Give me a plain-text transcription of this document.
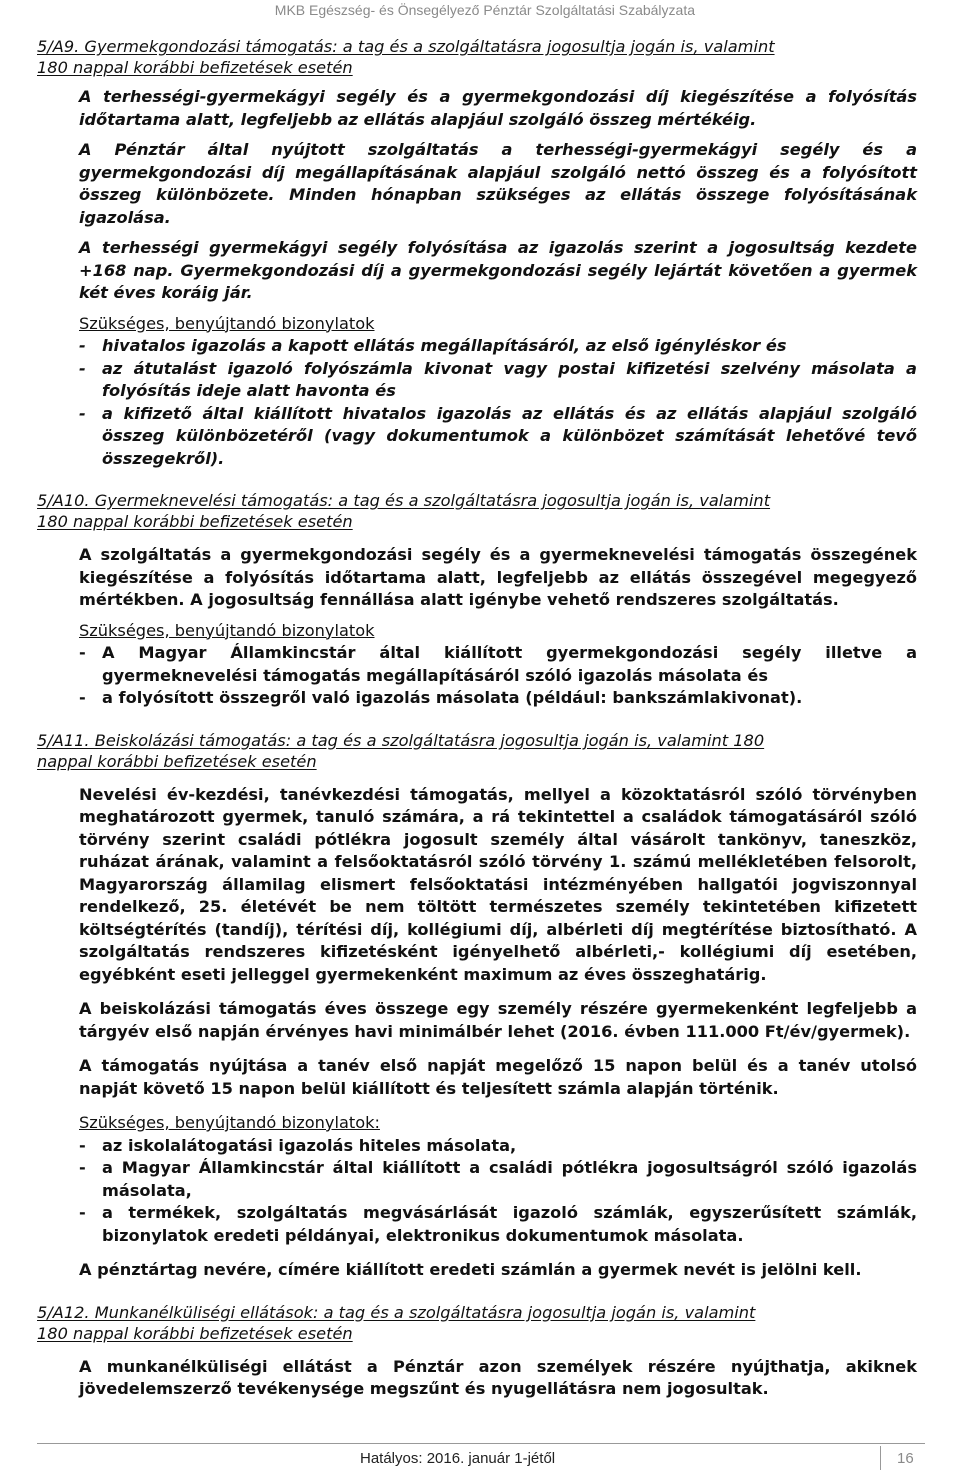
MKB Egészség- és Önsegélyező Pénztár Szolgáltatási Szabályzata
5/A9. Gyermekgondozási támogatás: a tag és a szolgáltatásra jogosultja jogán is, valamint
180 nappal korábbi befizetések esetén
A terhességi-gyermekágyi segély és a gyermekgondozási díj kiegészítése a folyósítás időtartama alatt, legfeljebb az ellátás alapjául szolgáló összeg mértékéig.
A Pénztár által nyújtott szolgáltatás a terhességi-gyermekágyi segély és a gyermekgondozási díj megállapításának alapjául szolgáló nettó összeg és a folyósított összeg különbözete. Minden hónapban szükséges az ellátás összege folyósításának igazolása.
A terhességi gyermekágyi segély folyósítása az igazolás szerint a jogosultság kezdete +168 nap. Gyermekgondozási díj a gyermekgondozási segély lejártát követően a gyermek két éves koráig jár.
Szükséges, benyújtandó bizonylatok
- hivatalos igazolás a kapott ellátás megállapításáról, az első igényléskor és
- az átutalást igazoló folyószámla kivonat vagy postai kifizetési szelvény másolata a folyósítás ideje alatt havonta és
- a kifizető által kiállított hivatalos igazolás az ellátás és az ellátás alapjául szolgáló összeg különbözetéről (vagy dokumentumok a különbözet számítását lehetővé tevő összegekről).
5/A10. Gyermeknevelési támogatás: a tag és a szolgáltatásra jogosultja jogán is, valamint
180 nappal korábbi befizetések esetén
A szolgáltatás a gyermekgondozási segély és a gyermeknevelési támogatás összegének kiegészítése a folyósítás időtartama alatt, legfeljebb az ellátás összegével megegyező mértékben. A jogosultság fennállása alatt igénybe vehető rendszeres szolgáltatás.
Szükséges, benyújtandó bizonylatok
- A Magyar Államkincstár által kiállított gyermekgondozási segély illetve a gyermeknevelési támogatás megállapításáról szóló igazolás másolata és
- a folyósított összegről való igazolás másolata (például: bankszámlakivonat).
5/A11. Beiskolázási támogatás: a tag és a szolgáltatásra jogosultja jogán is, valamint 180
nappal korábbi befizetések esetén
Nevelési év-kezdési, tanévkezdési támogatás, mellyel a közoktatásról szóló törvényben meghatározott gyermek, tanuló számára, a rá tekintettel a családok támogatásáról szóló törvény szerint családi pótlékra jogosult személy által vásárolt tankönyv, taneszköz, ruházat árának, valamint a felsőoktatásról szóló törvény 1. számú mellékletében felsorolt, Magyarország államilag elismert felsőoktatási intézményében hallgatói jogviszonnyal rendelkező, 25. életévét be nem töltött természetes személy tekintetében kifizetett költségtérítés (tandíj), térítési díj, kollégiumi díj, albérleti díj megtérítése biztosítható. A szolgáltatás rendszeres kifizetésként igényelhető albérleti,- kollégiumi díj esetében, egyébként eseti jelleggel gyermekenként maximum az éves összeghatárig.
A beiskolázási támogatás éves összege egy személy részére gyermekenként legfeljebb a tárgyév első napján érvényes havi minimálbér lehet (2016. évben 111.000 Ft/év/gyermek).
A támogatás nyújtása a tanév első napját megelőző 15 napon belül és a tanév utolsó napját követő 15 napon belül kiállított és teljesített számla alapján történik.
Szükséges, benyújtandó bizonylatok:
- az iskolalátogatási igazolás hiteles másolata,
- a Magyar Államkincstár által kiállított a családi pótlékra jogosultságról szóló igazolás másolata,
- a termékek, szolgáltatás megvásárlását igazoló számlák, egyszerűsített számlák, bizonylatok eredeti példányai, elektronikus dokumentumok másolata.
A pénztártag nevére, címére kiállított eredeti számlán a gyermek nevét is jelölni kell.
5/A12. Munkanélküliségi ellátások: a tag és a szolgáltatásra jogosultja jogán is, valamint
180 nappal korábbi befizetések esetén
A munkanélküliségi ellátást a Pénztár azon személyek részére nyújthatja, akiknek jövedelemszerző tevékenysége megszűnt és nyugellátásra nem jogosultak.
Hatályos: 2016. január 1-jétől	16
